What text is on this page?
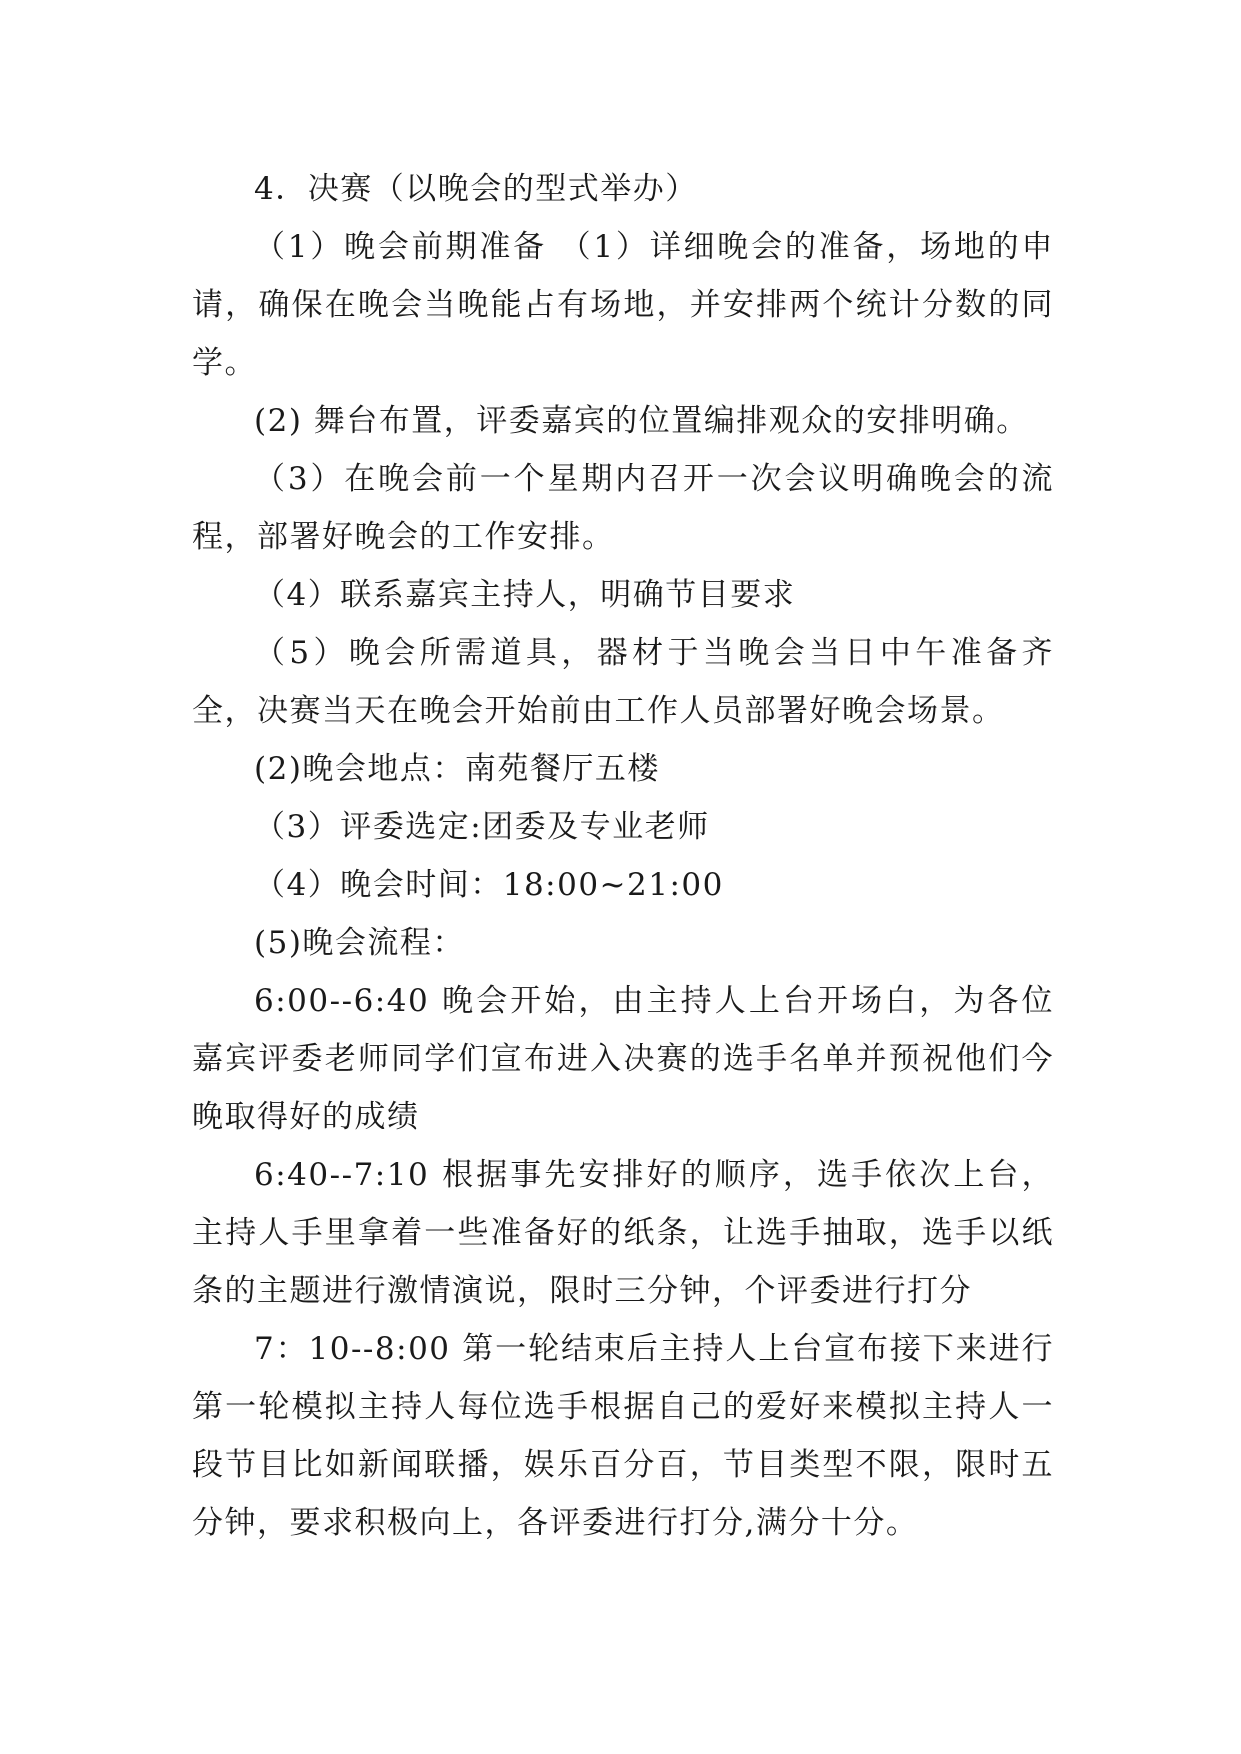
4．决赛（以晚会的型式举办）

（1）晚会前期准备 （1）详细晚会的准备，场地的申请，确保在晚会当晚能占有场地，并安排两个统计分数的同学。

(2) 舞台布置，评委嘉宾的位置编排观众的安排明确。

（3）在晚会前一个星期内召开一次会议明确晚会的流程，部署好晚会的工作安排。

（4）联系嘉宾主持人，明确节目要求

（5）晚会所需道具，器材于当晚会当日中午准备齐全，决赛当天在晚会开始前由工作人员部署好晚会场景。

(2)晚会地点：南苑餐厅五楼

（3）评委选定:团委及专业老师

（4）晚会时间：18:00~21:00

(5)晚会流程：

6:00--6:40 晚会开始，由主持人上台开场白，为各位嘉宾评委老师同学们宣布进入决赛的选手名单并预祝他们今晚取得好的成绩

6:40--7:10 根据事先安排好的顺序，选手依次上台，主持人手里拿着一些准备好的纸条，让选手抽取，选手以纸条的主题进行激情演说，限时三分钟，个评委进行打分

7：10--8:00 第一轮结束后主持人上台宣布接下来进行第一轮模拟主持人每位选手根据自己的爱好来模拟主持人一段节目比如新闻联播，娱乐百分百，节目类型不限，限时五分钟，要求积极向上，各评委进行打分,满分十分。
